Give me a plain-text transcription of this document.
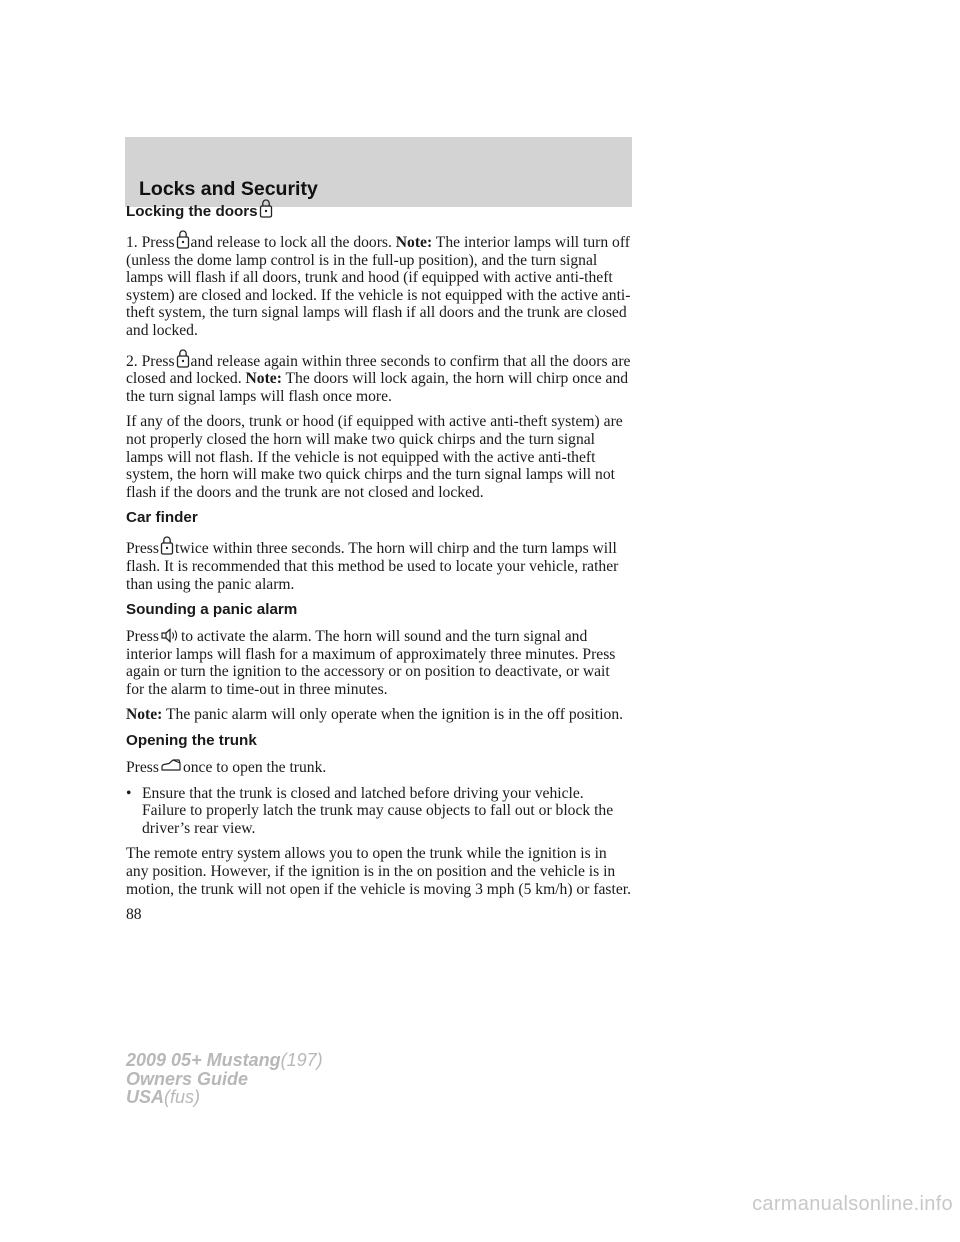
Locks and Security
Locking the doors

1. Press and release to lock all the doors. Note: The interior lamps will turn off (unless the dome lamp control is in the full-up position), and the turn signal lamps will flash if all doors, trunk and hood (if equipped with active anti-theft system) are closed and locked. If the vehicle is not equipped with the active anti-theft system, the turn signal lamps will flash if all doors and the trunk are closed and locked.

2. Press and release again within three seconds to confirm that all the doors are closed and locked. Note: The doors will lock again, the horn will chirp once and the turn signal lamps will flash once more.

If any of the doors, trunk or hood (if equipped with active anti-theft system) are not properly closed the horn will make two quick chirps and the turn signal lamps will not flash. If the vehicle is not equipped with the active anti-theft system, the horn will make two quick chirps and the turn signal lamps will not flash if the doors and the trunk are not closed and locked.

Car finder

Press twice within three seconds. The horn will chirp and the turn lamps will flash. It is recommended that this method be used to locate your vehicle, rather than using the panic alarm.

Sounding a panic alarm

Press to activate the alarm. The horn will sound and the turn signal and interior lamps will flash for a maximum of approximately three minutes. Press again or turn the ignition to the accessory or on position to deactivate, or wait for the alarm to time-out in three minutes.

Note: The panic alarm will only operate when the ignition is in the off position.

Opening the trunk

Press once to open the trunk.

• Ensure that the trunk is closed and latched before driving your vehicle. Failure to properly latch the trunk may cause objects to fall out or block the driver’s rear view.

The remote entry system allows you to open the trunk while the ignition is in any position. However, if the ignition is in the on position and the vehicle is in motion, the trunk will not open if the vehicle is moving 3 mph (5 km/h) or faster.

88

2009 05+ Mustang(197)
Owners Guide
USA(fus)
carmanualsonline.info
